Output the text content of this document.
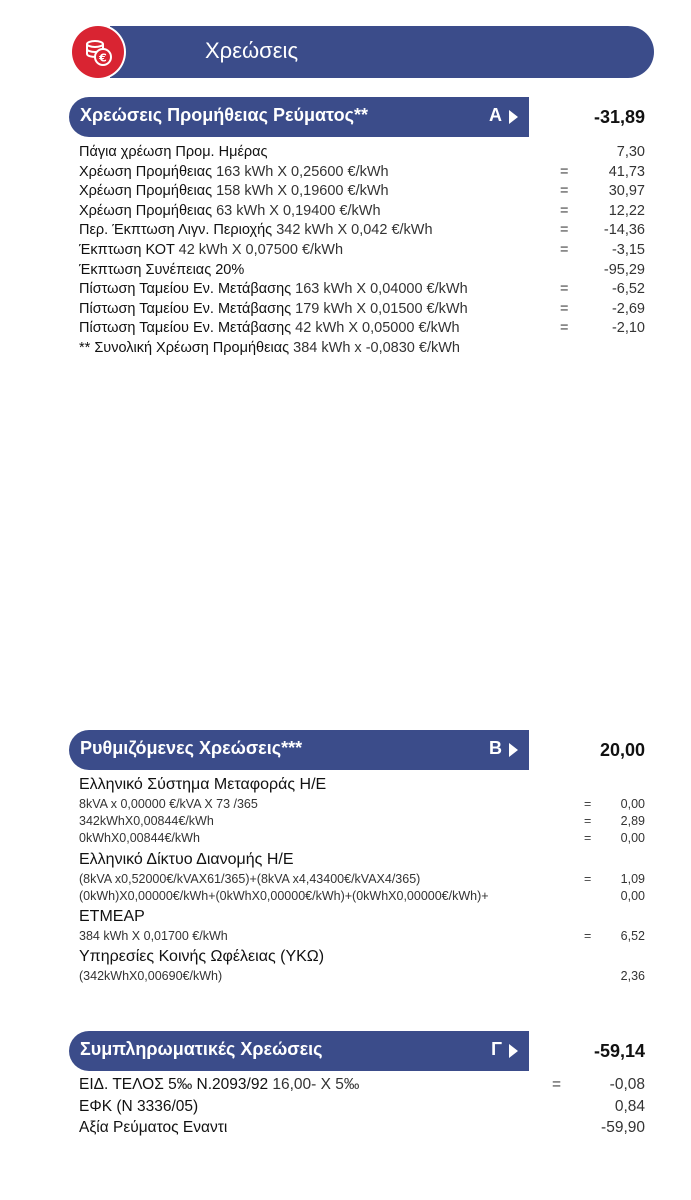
Χρεώσεις
€
Χρεώσεις Προμήθειας Ρεύματος**	Α	-31,89
Πάγια χρέωση Προμ. Ημέρας	7,30
Χρέωση Προμήθειας 163 kWh X 0,25600 €/kWh	=	41,73
Χρέωση Προμήθειας 158 kWh X 0,19600 €/kWh	=	30,97
Χρέωση Προμήθειας 63 kWh X 0,19400 €/kWh	=	12,22
Περ. Έκπτωση Λιγν. Περιοχής 342 kWh X 0,042 €/kWh	= -14,36
Έκπτωση ΚΟΤ 42 kWh X 0,07500 €/kWh	=	-3,15
Έκπτωση Συνέπειας 20%	-95,29
Πίστωση Ταμείου Εν. Μετάβασης 163 kWh X 0,04000 €/kWh	=	-6,52
Πίστωση Ταμείου Εν. Μετάβασης 179 kWh X 0,01500 €/kWh	=	-2,69
Πίστωση Ταμείου Εν. Μετάβασης 42 kWh X 0,05000 €/kWh	=	-2,10
** Συνολική Χρέωση Προμήθειας 384 kWh x -0,0830 €/kWh
Ρυθμιζόμενες Χρεώσεις***	Β	20,00
Ελληνικό Σύστημα Μεταφοράς Η/Ε
8kVA x 0,00000 €/kVA X 73 /365	= 0,00
342kWhX0,00844€/kWh	= 2,89
0kWhX0,00844€/kWh	= 0,00
Ελληνικό Δίκτυο Διανομής Η/Ε
(8kVA x0,52000€/kVAX61/365)+(8kVA x4,43400€/kVAX4/365)	= 1,09
(0kWh)X0,00000€/kWh+(0kWhX0,00000€/kWh)+(0kWhX0,00000€/kWh)+	0,00
ΕΤΜΕΑΡ
384 kWh X 0,01700 €/kWh	= 6,52
Υπηρεσίες Κοινής Ωφέλειας (ΥΚΩ)
(342kWhX0,00690€/kWh)	2,36
Συμπληρωματικές Χρεώσεις	Γ	-59,14
ΕΙΔ. ΤΕΛΟΣ 5‰ Ν.2093/92 16,00- X 5‰	=	-0,08
ΕΦΚ (Ν 3336/05)	0,84
Αξία Ρεύματος Εναντι	-59,90
